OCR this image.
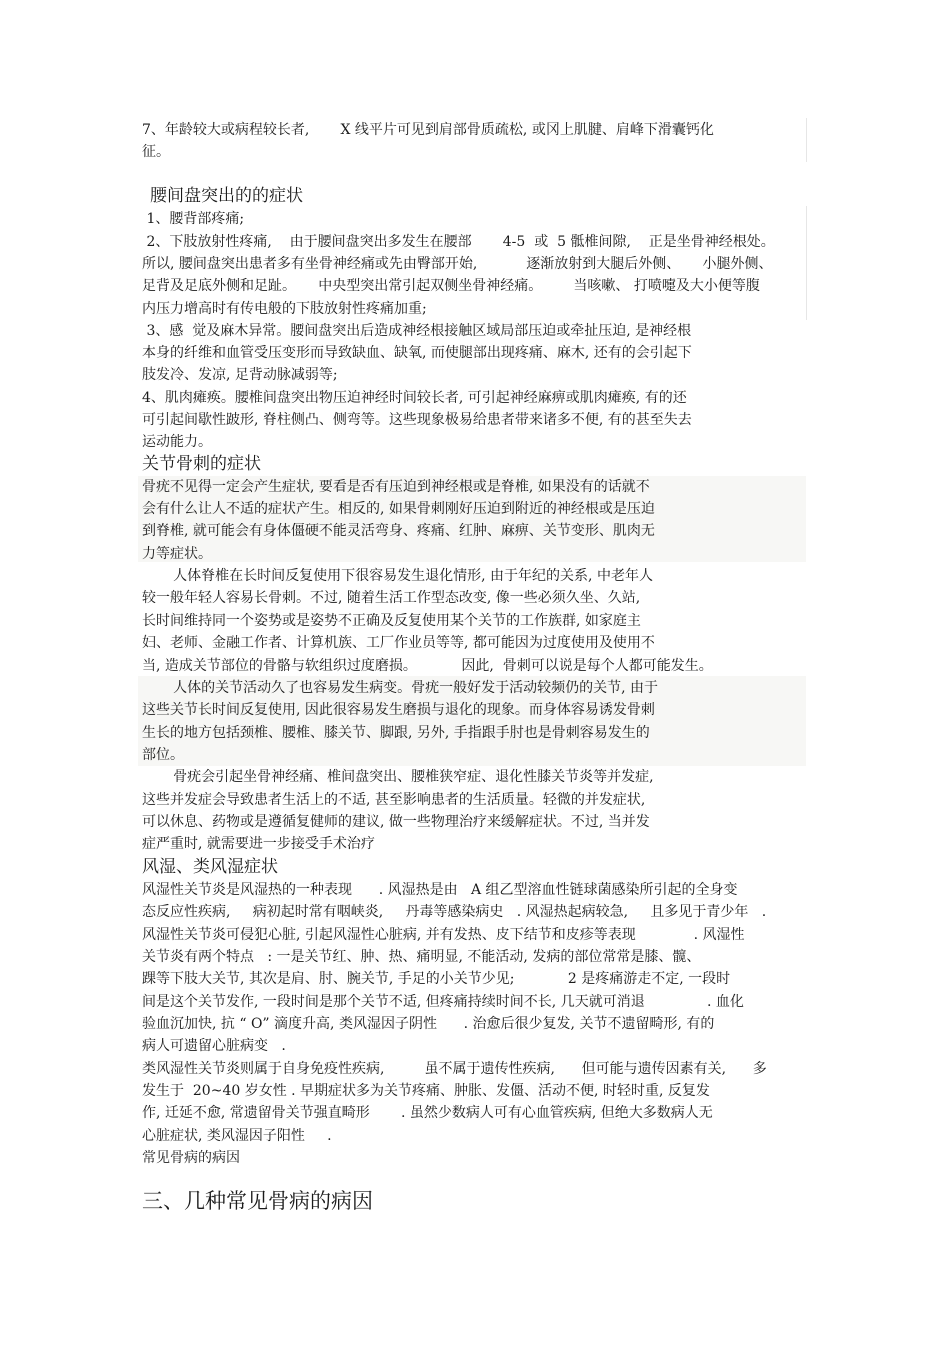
7、年龄较大或病程较长者,       X 线平片可见到肩部骨质疏松, 或冈上肌腱、肩峰下滑囊钙化
征。
腰间盘突出的的症状
1、腰背部疼痛;
2、下肢放射性疼痛,    由于腰间盘突出多发生在腰部       4-5  或  5 骶椎间隙,    正是坐骨神经根处。
所以, 腰间盘突出患者多有坐骨神经痛或先由臀部开始,           逐渐放射到大腿后外侧、     小腿外侧、
足背及足底外侧和足趾。     中央型突出常引起双侧坐骨神经痛。       当咳嗽、 打喷嚏及大小便等腹
内压力增高时有传电般的下肢放射性疼痛加重;
3、感  觉及麻木异常。腰间盘突出后造成神经根接触区域局部压迫或牵扯压迫, 是神经根
本身的纤维和血管受压变形而导致缺血、缺氧, 而使腿部出现疼痛、麻木, 还有的会引起下
肢发冷、发凉, 足背动脉减弱等;
4、肌肉瘫痪。腰椎间盘突出物压迫神经时间较长者, 可引起神经麻痹或肌肉瘫痪, 有的还
可引起间歇性跛形, 脊柱侧凸、侧弯等。这些现象极易给患者带来诸多不便, 有的甚至失去
运动能力。
关节骨刺的症状
骨疣不见得一定会产生症状, 要看是否有压迫到神经根或是脊椎, 如果没有的话就不
会有什么让人不适的症状产生。相反的, 如果骨刺刚好压迫到附近的神经根或是压迫
到脊椎, 就可能会有身体僵硬不能灵活弯身、疼痛、红肿、麻痹、关节变形、肌肉无
力等症状。
人体脊椎在长时间反复使用下很容易发生退化情形, 由于年纪的关系, 中老年人
较一般年轻人容易长骨刺。不过, 随着生活工作型态改变, 像一些必须久坐、久站,
长时间维持同一个姿势或是姿势不正确及反复使用某个关节的工作族群, 如家庭主
妇、老师、金融工作者、计算机族、工厂作业员等等, 都可能因为过度使用及使用不
当, 造成关节部位的骨骼与软组织过度磨损。          因此,  骨刺可以说是每个人都可能发生。
人体的关节活动久了也容易发生病变。骨疣一般好发于活动较频仍的关节, 由于
这些关节长时间反复使用, 因此很容易发生磨损与退化的现象。而身体容易诱发骨刺
生长的地方包括颈椎、腰椎、膝关节、脚跟, 另外, 手指跟手肘也是骨刺容易发生的
部位。
骨疣会引起坐骨神经痛、椎间盘突出、腰椎狭窄症、退化性膝关节炎等并发症,
这些并发症会导致患者生活上的不适, 甚至影响患者的生活质量。轻微的并发症状,
可以休息、药物或是遵循复健师的建议, 做一些物理治疗来缓解症状。不过, 当并发
症严重时, 就需要进一步接受手术治疗
风湿、类风湿症状
风湿性关节炎是风湿热的一种表现      . 风湿热是由   A 组乙型溶血性链球菌感染所引起的全身变
态反应性疾病,     病初起时常有咽峡炎,     丹毒等感染病史   . 风湿热起病较急,     且多见于青少年   .
风湿性关节炎可侵犯心脏, 引起风湿性心脏病, 并有发热、皮下结节和皮疹等表现             . 风湿性
关节炎有两个特点   : 一是关节红、肿、热、痛明显, 不能活动, 发病的部位常常是膝、髋、
踝等下肢大关节, 其次是肩、肘、腕关节, 手足的小关节少见;            2 是疼痛游走不定, 一段时
间是这个关节发作, 一段时间是那个关节不适, 但疼痛持续时间不长, 几天就可消退              . 血化
验血沉加快, 抗 “ O” 滴度升高, 类风湿因子阴性      . 治愈后很少复发, 关节不遗留畸形, 有的
病人可遗留心脏病变   .
类风湿性关节炎则属于自身免疫性疾病,         虽不属于遗传性疾病,      但可能与遗传因素有关,      多
发生于  20~40 岁女性 . 早期症状多为关节疼痛、肿胀、发僵、活动不便, 时轻时重, 反复发
作, 迁延不愈, 常遗留骨关节强直畸形       . 虽然少数病人可有心血管疾病, 但绝大多数病人无
心脏症状, 类风湿因子阳性     .
常见骨病的病因
三、几种常见骨病的病因
